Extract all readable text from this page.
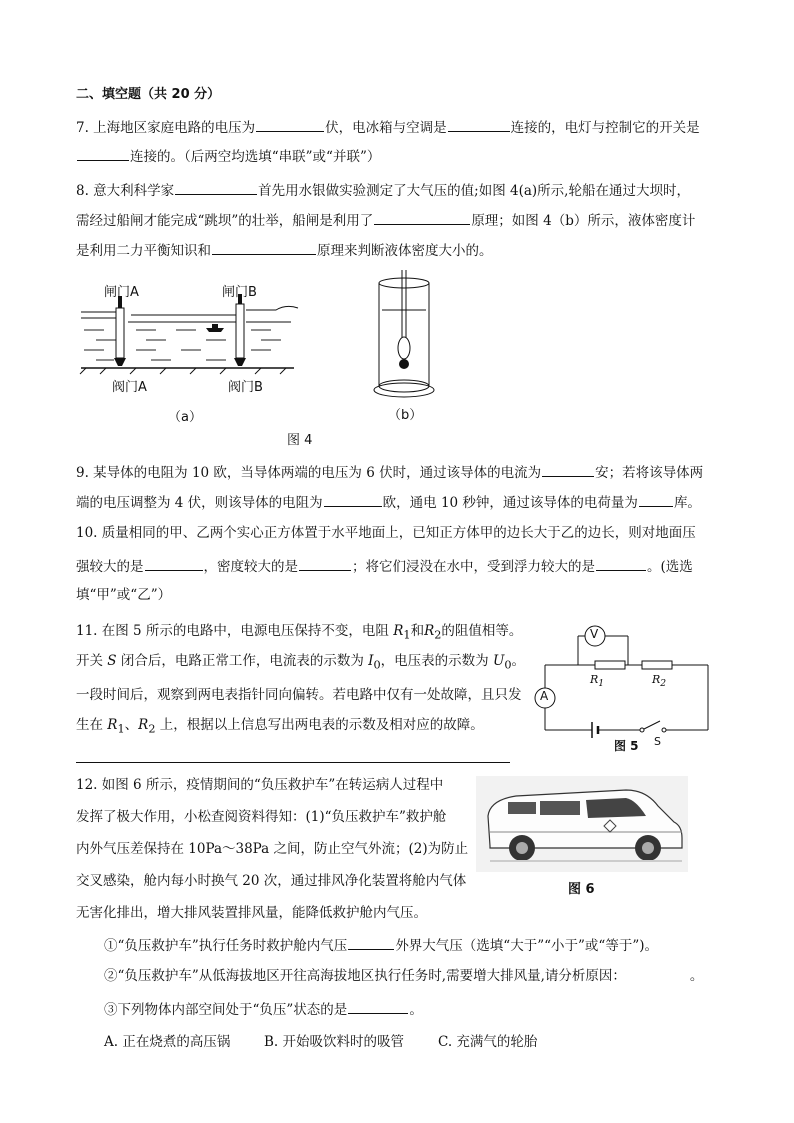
二、填空题（共 20 分）
7. 上海地区家庭电路的电压为	伏，电冰箱与空调是	连接的，电灯与控制它的开关是
连接的。（后两空均选填“串联”或“并联”）
8. 意大利科学家	首先用水银做实验测定了大气压的值;如图 4(a)所示,轮船在通过大坝时，
需经过船闸才能完成“跳坝”的壮举，船闸是利用了	原理；如图 4（b）所示，液体密度计
是利用二力平衡知识和	原理来判断液体密度大小的。
闸门A	闸门B
阀门A	阀门B
（a）	（b）
图 4
9. 某导体的电阻为 10 欧，当导体两端的电压为 6 伏时，通过该导体的电流为	安；若将该导体两
端的电压调整为 4 伏，则该导体的电阻为	欧，通电 10 秒钟，通过该导体的电荷量为	库。
10. 质量相同的甲、乙两个实心正方体置于水平地面上，已知正方体甲的边长大于乙的边长，则对地面压
强较大的是	，密度较大的是	；将它们浸没在水中，受到浮力较大的是	。(选选
填“甲”或“乙”）
11. 在图 5 所示的电路中，电源电压保持不变，电阻 $R_1$和$R_2$的阻值相等。
开关 S 闭合后，电路正常工作，电流表的示数为 $I_0$，电压表的示数为 $U_0$。
一段时间后，观察到两电表指针同向偏转。若电路中仅有一处故障，且只发
生在 $R_1$、$R_2$ 上，根据以上信息写出两电表的示数及相对应的故障。
V
A
$R_1$	$R_2$
S
图 5
12. 如图 6 所示，疫情期间的“负压救护车”在转运病人过程中
发挥了极大作用，小松查阅资料得知：(1)“负压救护车”救护舱
内外气压差保持在 10Pa～38Pa 之间，防止空气外流；(2)为防止
交叉感染，舱内每小时换气 20 次，通过排风净化装置将舱内气体
无害化排出，增大排风装置排风量，能降低救护舱内气压。
图 6
①“负压救护车”执行任务时救护舱内气压	外界大气压（选填“大于”“小于”或“等于”)。
②“负压救护车”从低海拔地区开往高海拔地区执行任务时,需要增大排风量,请分析原因：	。
③下列物体内部空间处于“负压”状态的是	。
A. 正在烧煮的高压锅 B. 开始吸饮料时的吸管	C. 充满气的轮胎
